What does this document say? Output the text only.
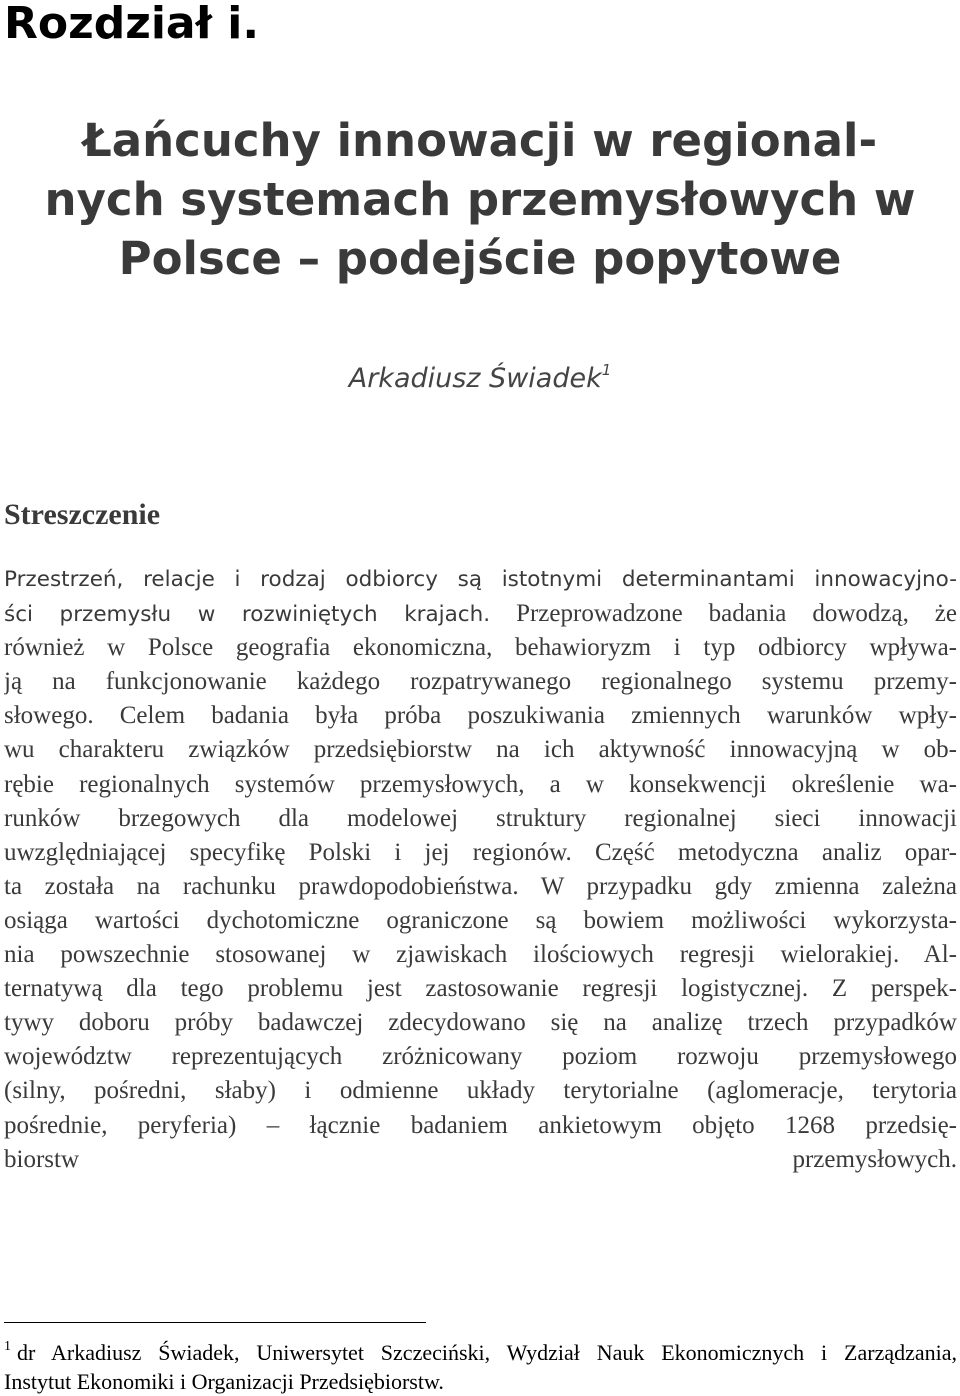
Rozdział i.
Łańcuchy innowacji w regional-
nych systemach przemysłowych w
Polsce – podejście popytowe
Arkadiusz Świadek$^1$
Streszczenie
Przestrzeń, relacje i rodzaj odbiorcy są istotnymi determinantami innowacyjno-
ści przemysłu w rozwiniętych krajach. Przeprowadzone badania dowodzą, że
również w Polsce geografia ekonomiczna, behawioryzm i typ odbiorcy wpływa-
ją na funkcjonowanie każdego rozpatrywanego regionalnego systemu przemy-
słowego. Celem badania była próba poszukiwania zmiennych warunków wpły-
wu charakteru związków przedsiębiorstw na ich aktywność innowacyjną w ob-
rębie regionalnych systemów przemysłowych, a w konsekwencji określenie wa-
runków brzegowych dla modelowej struktury regionalnej sieci innowacji
uwzględniającej specyfikę Polski i jej regionów. Część metodyczna analiz opar-
ta została na rachunku prawdopodobieństwa. W przypadku gdy zmienna zależna
osiąga wartości dychotomiczne ograniczone są bowiem możliwości wykorzysta-
nia powszechnie stosowanej w zjawiskach ilościowych regresji wielorakiej. Al-
ternatywą dla tego problemu jest zastosowanie regresji logistycznej. Z perspek-
tywy doboru próby badawczej zdecydowano się na analizę trzech przypadków
województw reprezentujących zróżnicowany poziom rozwoju przemysłowego
(silny, pośredni, słaby) i odmienne układy terytorialne (aglomeracje, terytoria
pośrednie, peryferia) – łącznie badaniem ankietowym objęto 1268 przedsię-
biorstw przemysłowych.
$^1$ dr Arkadiusz Świadek, Uniwersytet Szczeciński, Wydział Nauk Ekonomicznych i Zarządzania,
Instytut Ekonomiki i Organizacji Przedsiębiorstw.
